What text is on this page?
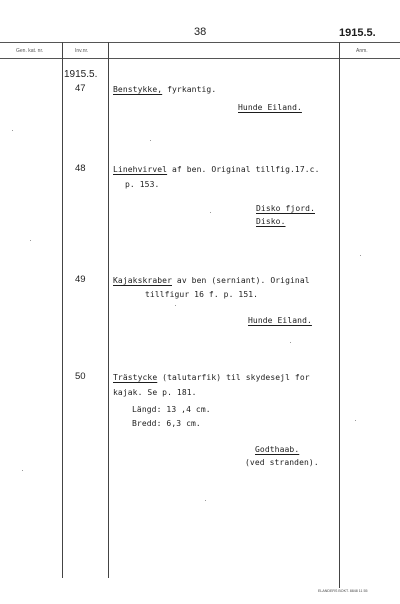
38	1915.5.
Gen. kat. nr.	Inv.nr.	Anm.
1915.5.
47	Benstykke, fyrkantig.
Hunde Eiland.
48	Linehvirvel af ben. Original tillfig.17.c.
p. 153.
Disko fjord.
Disko.
49	Kajakskraber av ben (serniant). Original
tillfigur 16 f. p. 151.
Hunde Eiland.
50	Trästycke (talutarfik) til skydesejl for
kajak. Se p. 181.
Längd: 13 ,4 cm.
Bredd: 6,3 cm.
Godthaab.
(ved stranden).
ELANDERS BOKT. 8848 11 55
